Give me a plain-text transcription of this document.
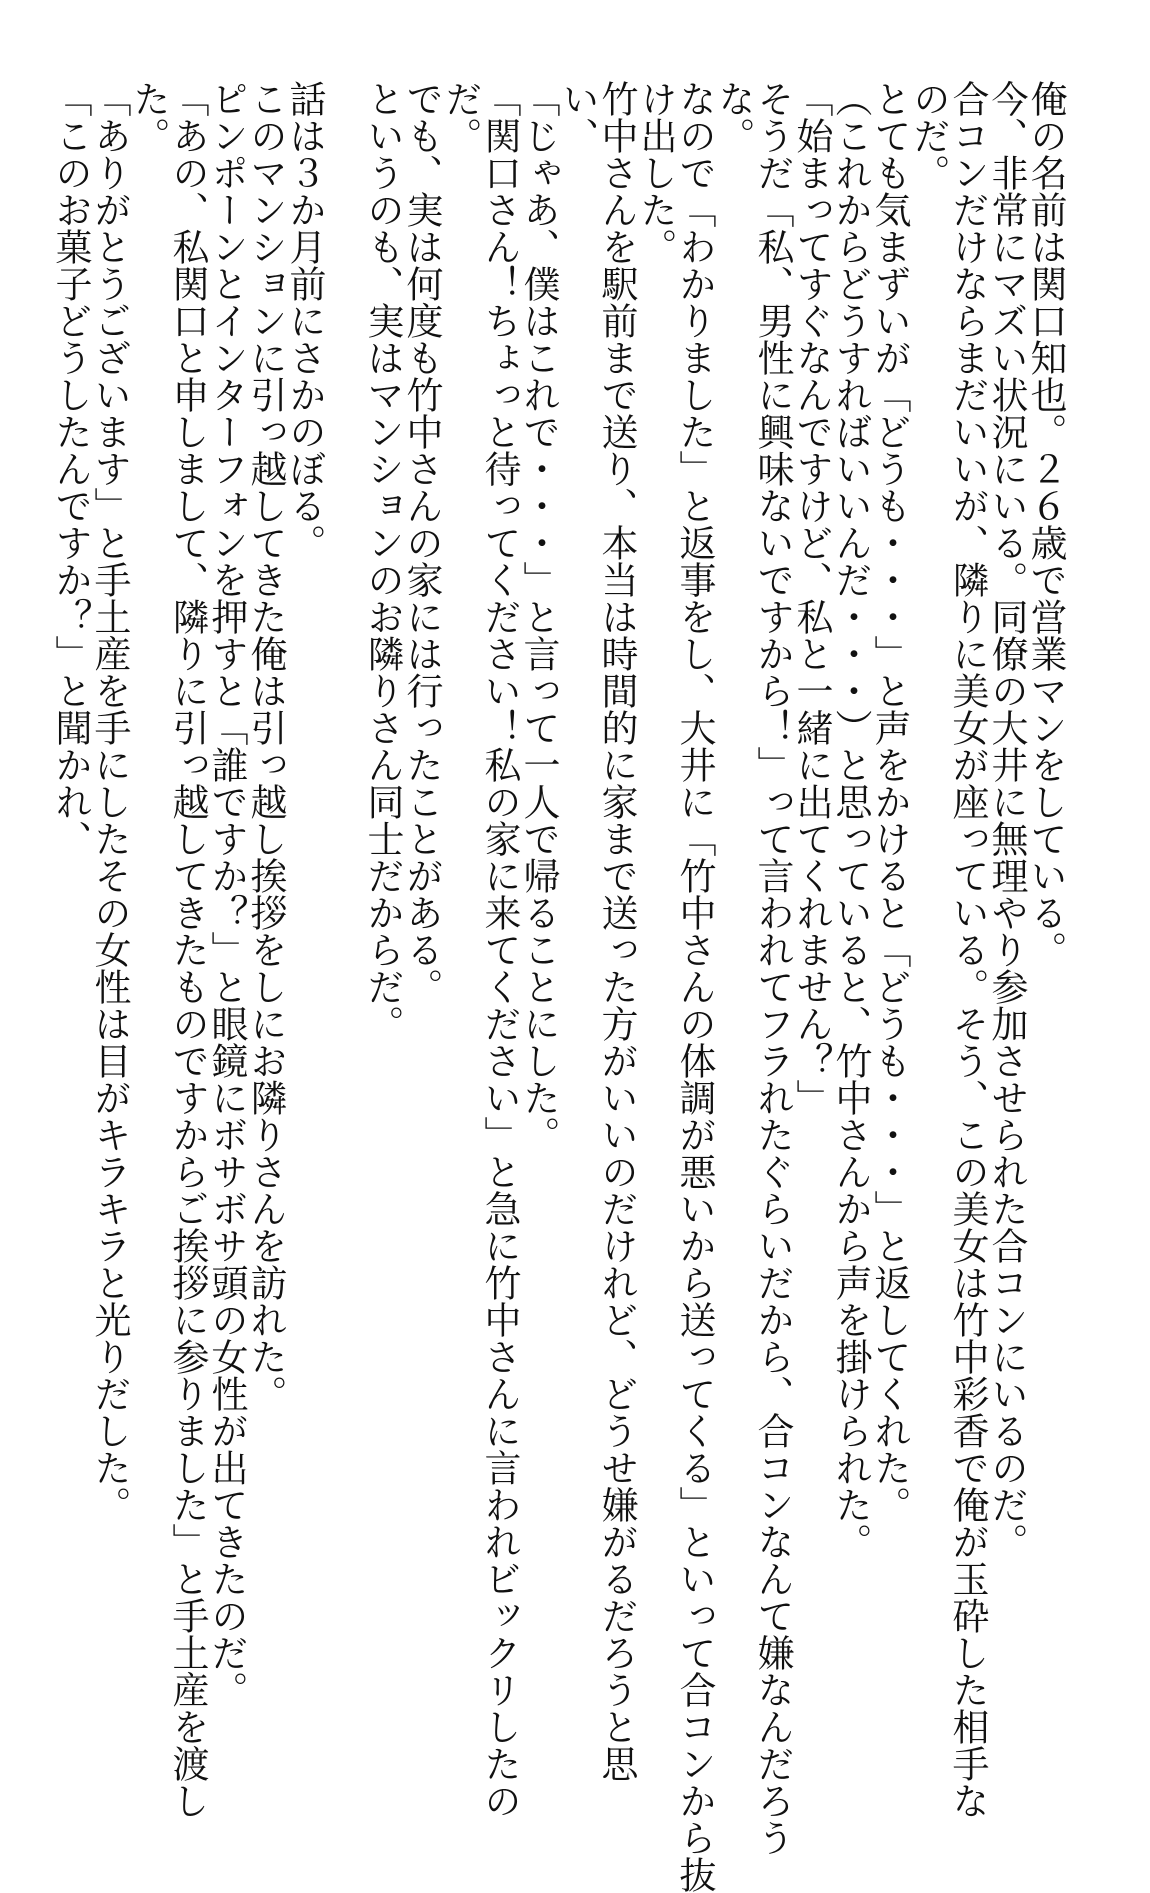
俺の名前は関口知也。２６歳で営業マンをしている。
今、非常にマズい状況にいる。同僚の大井に無理やり参加させられた合コンにいるのだ。
合コンだけならまだいいが、隣りに美女が座っている。そう、この美女は竹中彩香で俺が玉砕した相手な
のだ。
とても気まずいが「どうも・・・」と声をかけると「どうも・・・」と返してくれた。
（これからどうすればいいんだ・・・）と思っていると、竹中さんから声を掛けられた。
「始まってすぐなんですけど、私と一緒に出てくれません？」
そうだ「私、男性に興味ないですから！」って言われてフラれたぐらいだから、合コンなんて嫌なんだろう
な。
なので「わかりました」と返事をし、大井に「竹中さんの体調が悪いから送ってくる」といって合コンから抜
け出した。
竹中さんを駅前まで送り、本当は時間的に家まで送った方がいいのだけれど、どうせ嫌がるだろうと思
い、
「じゃあ、僕はこれで・・・」と言って一人で帰ることにした。
「関口さん！ちょっと待ってください！私の家に来てください」と急に竹中さんに言われビックリしたの
だ。
でも、実は何度も竹中さんの家には行ったことがある。
というのも、実はマンションのお隣りさん同士だからだ。
話は３か月前にさかのぼる。
このマンションに引っ越してきた俺は引っ越し挨拶をしにお隣りさんを訪れた。
ピンポーンとインターフォンを押すと「誰ですか？」と眼鏡にボサボサ頭の女性が出てきたのだ。
「あの、私関口と申しまして、隣りに引っ越してきたものですからご挨拶に参りました」と手土産を渡し
た。
「ありがとうございます」と手土産を手にしたその女性は目がキラキラと光りだした。
「このお菓子どうしたんですか？」と聞かれ、
